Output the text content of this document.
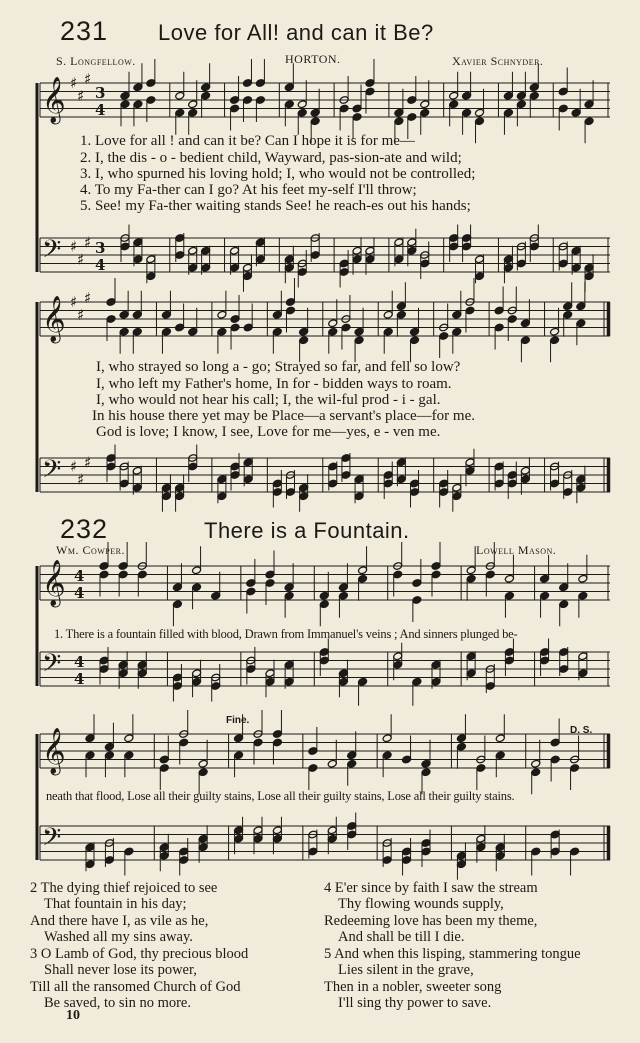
231 Love for All! and can it Be?
S. Longfellow.	HORTON.	Xavier Schnyder.
1. Love for all ! and can it be? Can I hope it is for me—
2. I, the dis - o - bedient child, Wayward, pas-sion-ate and wild;
3. I, who spurned his loving hold; I, who would not be controlled;
4. To my Fa-ther can I go? At his feet my-self I'll throw;
5. See! my Fa-ther waiting stands See! he reach-es out his hands;
I, who strayed so long a - go; Strayed so far, and fell so low?
I, who left my Father's home, In for - bidden ways to roam.
I, who would not hear his call; I, the wil-ful prod - i - gal.
In his house there yet may be Place—a servant's place—for me.
God is love; I know, I see, Love for me—yes, e - ven me.
232	There is a Fountain.
Wm. Cowper.	Lowell Mason.
1. There is a fountain filled with blood, Drawn from Immanuel's veins ; And sinners plunged be-
Fine.
D. S.
neath that flood, Lose all their guilty stains, Lose all their guilty stains, Lose all their guilty stains.
2 The dying thief rejoiced to see
That fountain in his day;
And there have I, as vile as he,
Washed all my sins away.
3 O Lamb of God, thy precious blood
Shall never lose its power,
Till all the ransomed Church of God
Be saved, to sin no more.
4 E'er since by faith I saw the stream
Thy flowing wounds supply,
Redeeming love has been my theme,
And shall be till I die.
5 And when this lisping, stammering tongue
Lies silent in the grave,
Then in a nobler, sweeter song
I'll sing thy power to save.
10
𝄞 ♯
♯
♯
3
4
𝄢 ♯
♯
♯ 3
4
𝄞 ♯
♯
♯
𝄢 ♯
♯
♯
𝄞 4
4
𝄢 4
4
𝄞
𝄢
